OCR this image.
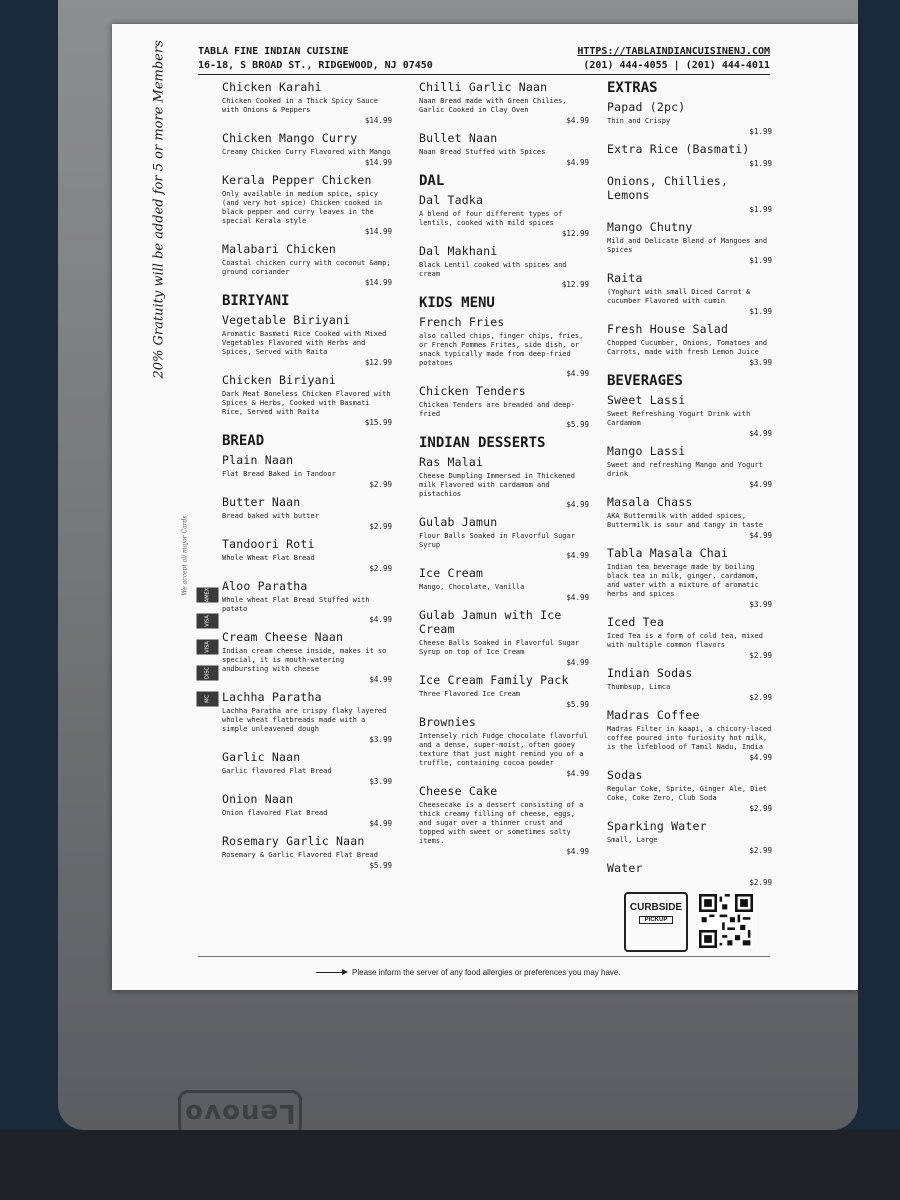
Lenovo
TABLA FINE INDIAN CUISINE
16-18, S BROAD ST., RIDGEWOOD, NJ 07450
HTTPS://TABLAINDIANCUISINENJ.COM
(201) 444-4055 | (201) 444-4011
20% Gratuity will be added for 5 or more Members
We accept all major Cards	AMEX
VISA
VISA
DISC
MC
Chicken Karahi
Chicken Cooked in a Thick Spicy Sauce with Onions & Peppers
$14.99
Chicken Mango Curry
Creamy Chicken Curry Flavored with Mango
$14.99
Kerala Pepper Chicken
Only available in medium spice, spicy (and very hot spice) Chicken cooked in black pepper and curry leaves in the special Kerala style
$14.99
Malabari Chicken
Coastal chicken curry with coconut &amp; ground coriander
$14.99
BIRIYANI
Vegetable Biriyani
Aromatic Basmati Rice Cooked with Mixed Vegetables Flavored with Herbs and Spices, Served with Raita
$12.99
Chicken Biriyani
Dark Meat Boneless Chicken Flavored with Spices & Herbs, Cooked with Basmati Rice, Served with Raita
$15.99
BREAD
Plain Naan
Flat Bread Baked in Tandoor
$2.99
Butter Naan
Bread baked with butter
$2.99
Tandoori Roti
Whole Wheat Flat Bread
$2.99
Aloo Paratha
Whole wheat Flat Bread Stuffed with potato
$4.99
Cream Cheese Naan
Indian cream cheese inside, makes it so special, it is mouth-watering andbursting with cheese
$4.99
Lachha Paratha
Lachha Paratha are crispy flaky layered whole wheat flatbreads made with a simple unleavened dough
$3.99
Garlic Naan
Garlic flavored Flat Bread
$3.99
Onion Naan
Onion flavored Flat Bread
$4.99
Rosemary Garlic Naan
Rosemary & Garlic Flavored Flat Bread
$5.99
Chilli Garlic Naan
Naan Bread made with Green Chilies, Garlic Cooked in Clay Oven
$4.99
Bullet Naan
Naan Bread Stuffed with Spices
$4.99
DAL
Dal Tadka
A blend of four different types of lentils, cooked with mild spices
$12.99
Dal Makhani
Black Lentil cooked with spices and cream
$12.99
KIDS MENU
French Fries
also called chips, finger chips, fries, or French Pommes Frites, side dish, or snack typically made from deep-fried potatoes
$4.99
Chicken Tenders
Chicken Tenders are breaded and deep-fried
$5.99
INDIAN DESSERTS
Ras Malai
Cheese Dumpling Immersed in Thickened milk Flavored with cardamom and pistachios
$4.99
Gulab Jamun
Flour Balls Soaked in Flavorful Sugar Syrup
$4.99
Ice Cream
Mango, Chocolate, Vanilla
$4.99
Gulab Jamun with Ice Cream
Cheese Balls Soaked in Flavorful Sugar Syrup on top of Ice Cream
$4.99
Ice Cream Family Pack
Three Flavored Ice Cream
$5.99
Brownies
Intensely rich Fudge chocolate flavorful and a dense, super-moist, often gooey texture that just might remind you of a truffle, containing cocoa powder
$4.99
Cheese Cake
Cheesecake is a dessert consisting of a thick creamy filling of cheese, eggs, and sugar over a thinner crust and topped with sweet or sometimes salty items.
$4.99
EXTRAS
Papad (2pc)
Thin and Crispy
$1.99
Extra Rice (Basmati)
$1.99
Onions, Chillies, Lemons
$1.99
Mango Chutny
Mild and Delicate Blend of Mangoes and Spices
$1.99
Raita
(Yoghurt with small Diced Carrot & cucumber Flavored with cumin
$1.99
Fresh House Salad
Chopped Cucumber, Onions, Tomatoes and Carrots, made with fresh Lemon Juice
$3.99
BEVERAGES
Sweet Lassi
Sweet Refreshing Yogurt Drink with Cardamom
$4.99
Mango Lassi
Sweet and refreshing Mango and Yogurt drink
$4.99
Masala Chass
AKA Buttermilk with added spices, Buttermilk is sour and tangy in taste
$4.99
Tabla Masala Chai
Indian tea beverage made by boiling black tea in milk, ginger, cardamom, and water with a mixture of aromatic herbs and spices
$3.99
Iced Tea
Iced Tea is a form of cold tea, mixed with multiple common flavors
$2.99
Indian Sodas
Thumbsup, Limca
$2.99
Madras Coffee
Madras Filter in kaapi, a chicory-laced coffee poured into furiosity hot milk, is the lifeblood of Tamil Nadu, India
$4.99
Sodas
Regular Coke, Sprite, Ginger Ale, Diet Coke, Coke Zero, Club Soda
$2.99
Sparking Water
Small, Large
$2.99
Water
$2.99
CURBSIDE
PICKUP
Please inform the server of any food allergies or preferences you may have.
